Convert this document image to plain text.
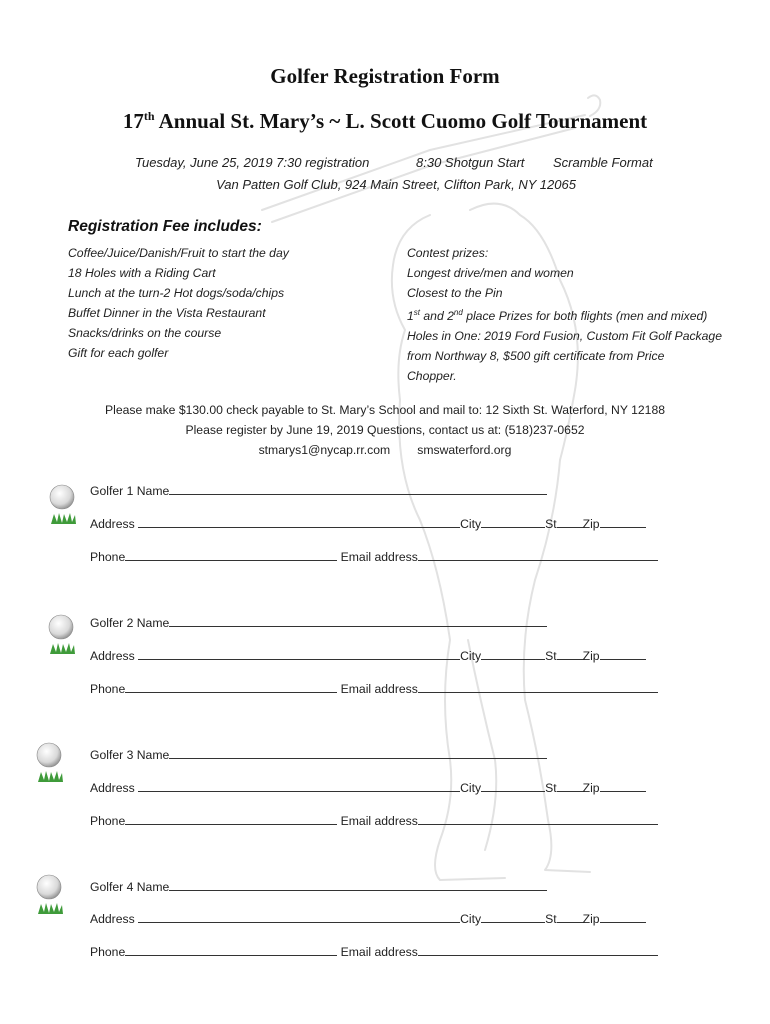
Golfer Registration Form
17th Annual St. Mary’s ~ L. Scott Cuomo Golf Tournament
Tuesday, June 25, 2019 7:30 registration	8:30 Shotgun Start Scramble Format
Van Patten Golf Club, 924 Main Street, Clifton Park, NY 12065
Registration Fee includes:
Coffee/Juice/Danish/Fruit to start the day
18 Holes with a Riding Cart
Lunch at the turn-2 Hot dogs/soda/chips
Buffet Dinner in the Vista Restaurant
Snacks/drinks on the course
Gift for each golfer
Contest prizes:
Longest drive/men and women
Closest to the Pin
1st and 2nd place Prizes for both flights (men and mixed)
Holes in One: 2019 Ford Fusion, Custom Fit Golf Package
from Northway 8, $500 gift certificate from Price
Chopper.
Please make $130.00 check payable to St. Mary’s School and mail to: 12 Sixth St. Waterford, NY 12188
Please register by June 19, 2019 Questions, contact us at: (518)237-0652
stmarys1@nycap.rr.com smswaterford.org
Golfer 1 Name
Address	City	St Zip
Phone	Email address
Golfer 2 Name
Address	City	St Zip
Phone	Email address
Golfer 3 Name
Address	City	St Zip
Phone	Email address
Golfer 4 Name
Address	City	St Zip
Phone	Email address
